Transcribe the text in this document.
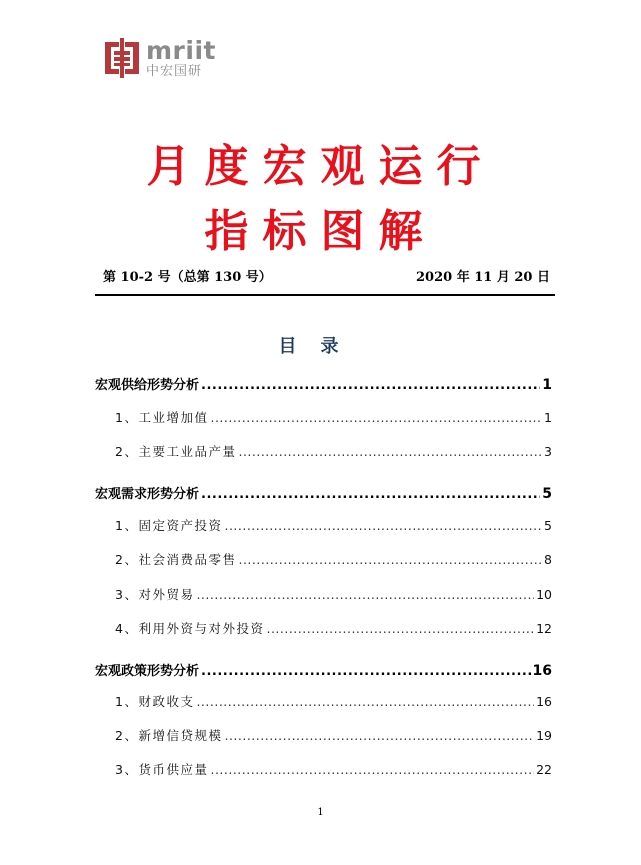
mriit
中宏国研
月度宏观运行
指标图解
第 10-2 号（总第 130 号）	2020 年 11 月 20 日
目录
宏观供给形势分析 .....	1
1、工业增加值 .....	1
2、主要工业品产量 .....	3
宏观需求形势分析 .....	5
1、固定资产投资 .....	5
2、社会消费品零售 .....	8
3、对外贸易 .....	10
4、利用外资与对外投资 .....	12
宏观政策形势分析 .....	16
1、财政收支 .....	16
2、新增信贷规模 .....	19
3、货币供应量 .....	22
1
